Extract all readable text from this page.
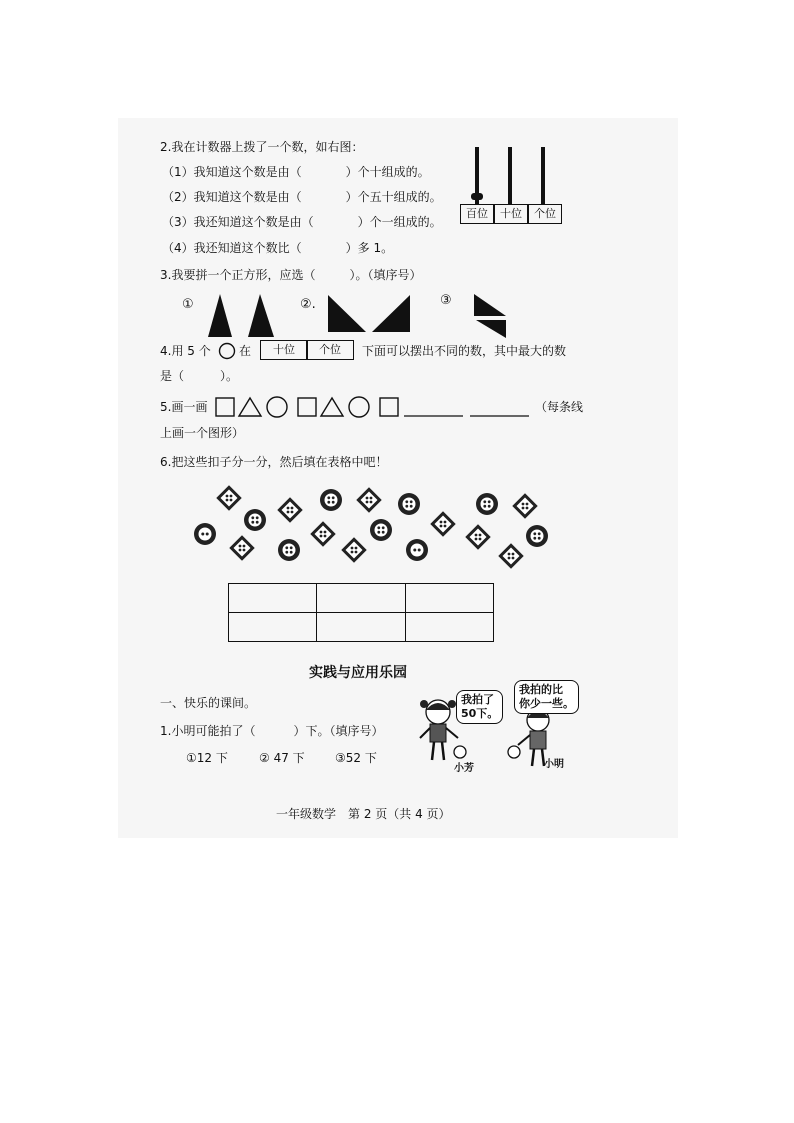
2.我在计数器上拨了一个数，如右图：
（1）我知道这个数是由（	）个十组成的。
（2）我知道这个数是由（	）个五十组成的。
（3）我还知道这个数是由（	）个一组成的。
（4）我还知道这个数比（	）多 1。
百位	十位	个位
3.我要拼一个正方形，应选（	）。（填序号）
①	②.	③
4.用 5 个 在	十位	个位	下面可以摆出不同的数，其中最大的数
是（　　　）。
5.画一画	（每条线
上画一个图形）
6.把这些扣子分一分，然后填在表格中吧！

实践与应用乐园
一、快乐的课间。
1.小明可能拍了（	）下。（填序号）
①12 下	② 47 下	③52 下
我拍了
50下。
我拍的比
你少一些。
小芳	小明
一年级数学　第 2 页（共 4 页）
